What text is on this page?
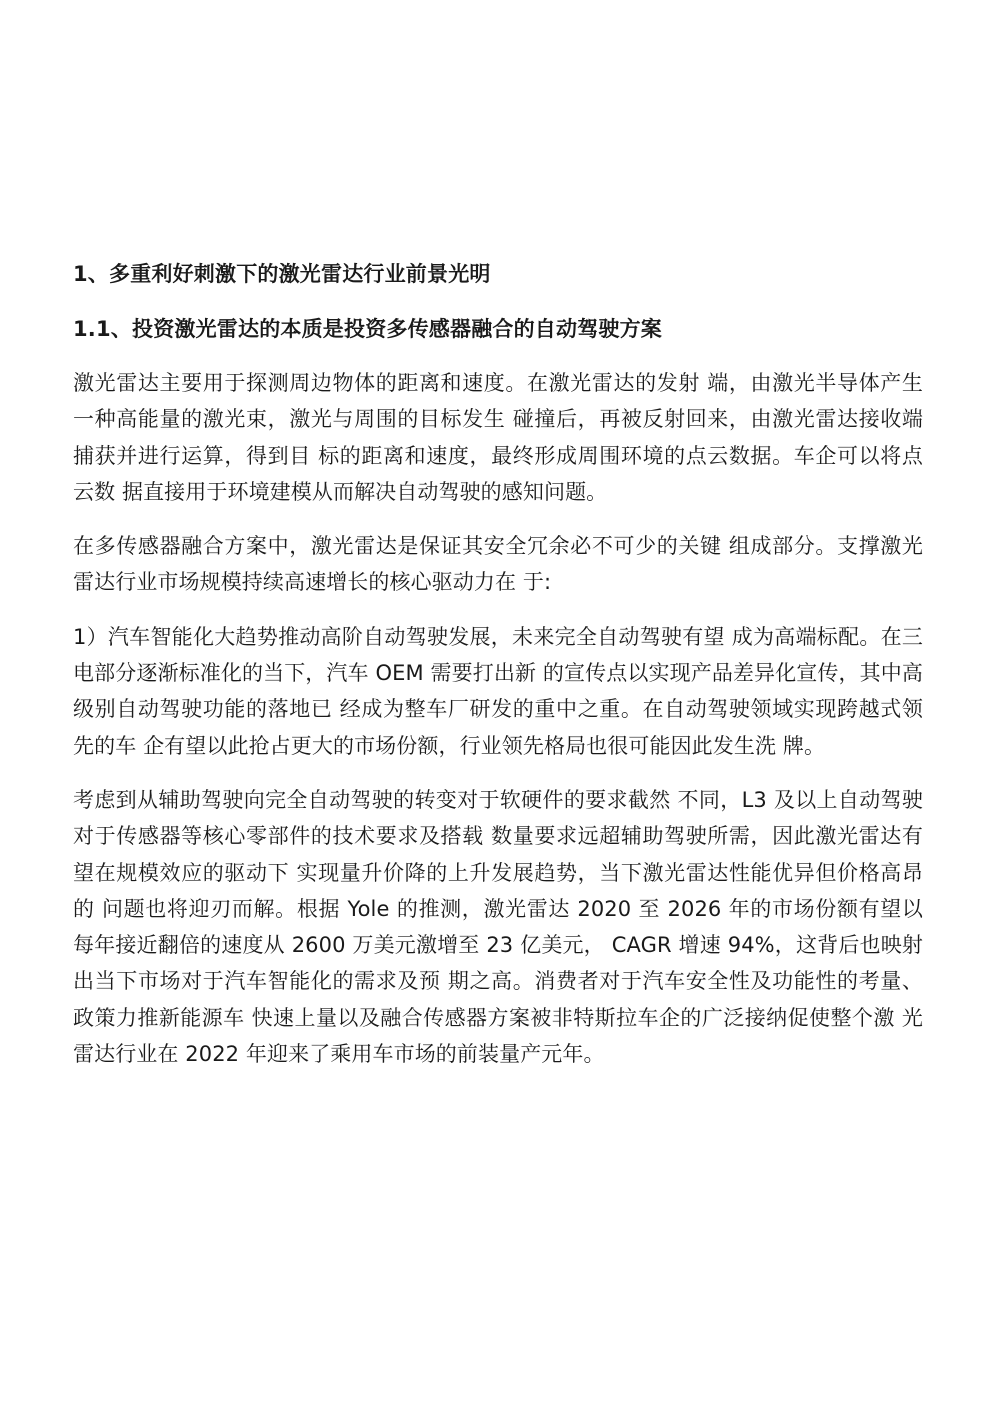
1、多重利好刺激下的激光雷达行业前景光明
1.1、投资激光雷达的本质是投资多传感器融合的自动驾驶方案

激光雷达主要用于探测周边物体的距离和速度。在激光雷达的发射 端，由激光半导体产生一种高能量的激光束，激光与周围的目标发生 碰撞后，再被反射回来，由激光雷达接收端捕获并进行运算，得到目 标的距离和速度，最终形成周围环境的点云数据。车企可以将点云数 据直接用于环境建模从而解决自动驾驶的感知问题。

在多传感器融合方案中，激光雷达是保证其安全冗余必不可少的关键 组成部分。支撑激光雷达行业市场规模持续高速增长的核心驱动力在 于:

1）汽车智能化大趋势推动高阶自动驾驶发展，未来完全自动驾驶有望 成为高端标配。在三电部分逐渐标准化的当下，汽车 OEM 需要打出新 的宣传点以实现产品差异化宣传，其中高级别自动驾驶功能的落地已 经成为整车厂研发的重中之重。在自动驾驶领域实现跨越式领先的车 企有望以此抢占更大的市场份额，行业领先格局也很可能因此发生洗 牌。

考虑到从辅助驾驶向完全自动驾驶的转变对于软硬件的要求截然 不同，L3 及以上自动驾驶对于传感器等核心零部件的技术要求及搭载 数量要求远超辅助驾驶所需，因此激光雷达有望在规模效应的驱动下 实现量升价降的上升发展趋势，当下激光雷达性能优异但价格高昂的 问题也将迎刃而解。根据 Yole 的推测，激光雷达 2020 至 2026 年的市场份额有望以每年接近翻倍的速度从 2600 万美元激增至 23 亿美元， CAGR 增速 94%，这背后也映射出当下市场对于汽车智能化的需求及预 期之高。消费者对于汽车安全性及功能性的考量、政策力推新能源车 快速上量以及融合传感器方案被非特斯拉车企的广泛接纳促使整个激 光雷达行业在 2022 年迎来了乘用车市场的前装量产元年。
